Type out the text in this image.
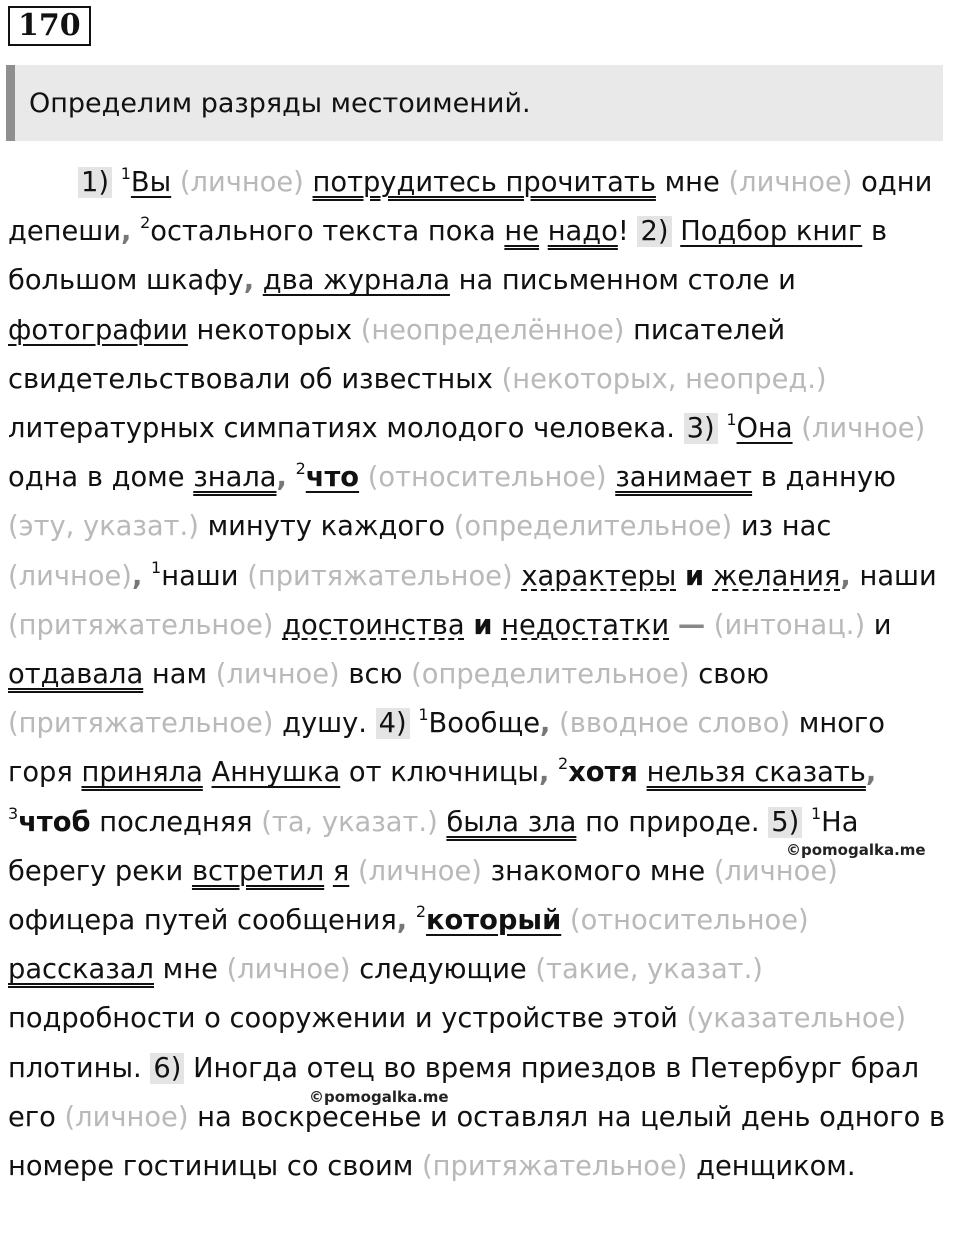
170
Определим разряды местоимений.

1) $^1$Вы (личное) потрудитесь прочитать мне (личное) одни депеши, $^2$остального текста пока не надо! 2) Подбор книг в большом шкафу, два журнала на письменном столе и фотографии некоторых (неопределённое) писателей свидетельствовали об известных (некоторых, неопред.) литературных симпатиях молодого человека. 3) $^1$Она (личное) одна в доме знала, $^2$что (относительное) занимает в данную (эту, указат.) минуту каждого (определительное) из нас (личное), $^1$наши (притяжательное) характеры и желания, наши (притяжательное) достоинства и недостатки — (интонац.) и отдавала нам (личное) всю (определительное) свою (притяжательное) душу. 4) $^1$Вообще, (вводное слово) много горя приняла Аннушка от ключницы, $^2$хотя нельзя сказать, $^3$чтоб последняя (та, указат.) была зла по природе. 5) $^1$На берегу реки встретил я (личное) знакомого мне (личное) офицера путей сообщения, $^2$который (относительное) рассказал мне (личное) следующие (такие, указат.) подробности о сооружении и устройстве этой (указательное) плотины. 6) Иногда отец во время приездов в Петербург брал его (личное) на воскресенье и оставлял на целый день одного в номере гостиницы со своим (притяжательное) денщиком.

©pomogalka.me
©pomogalka.me
